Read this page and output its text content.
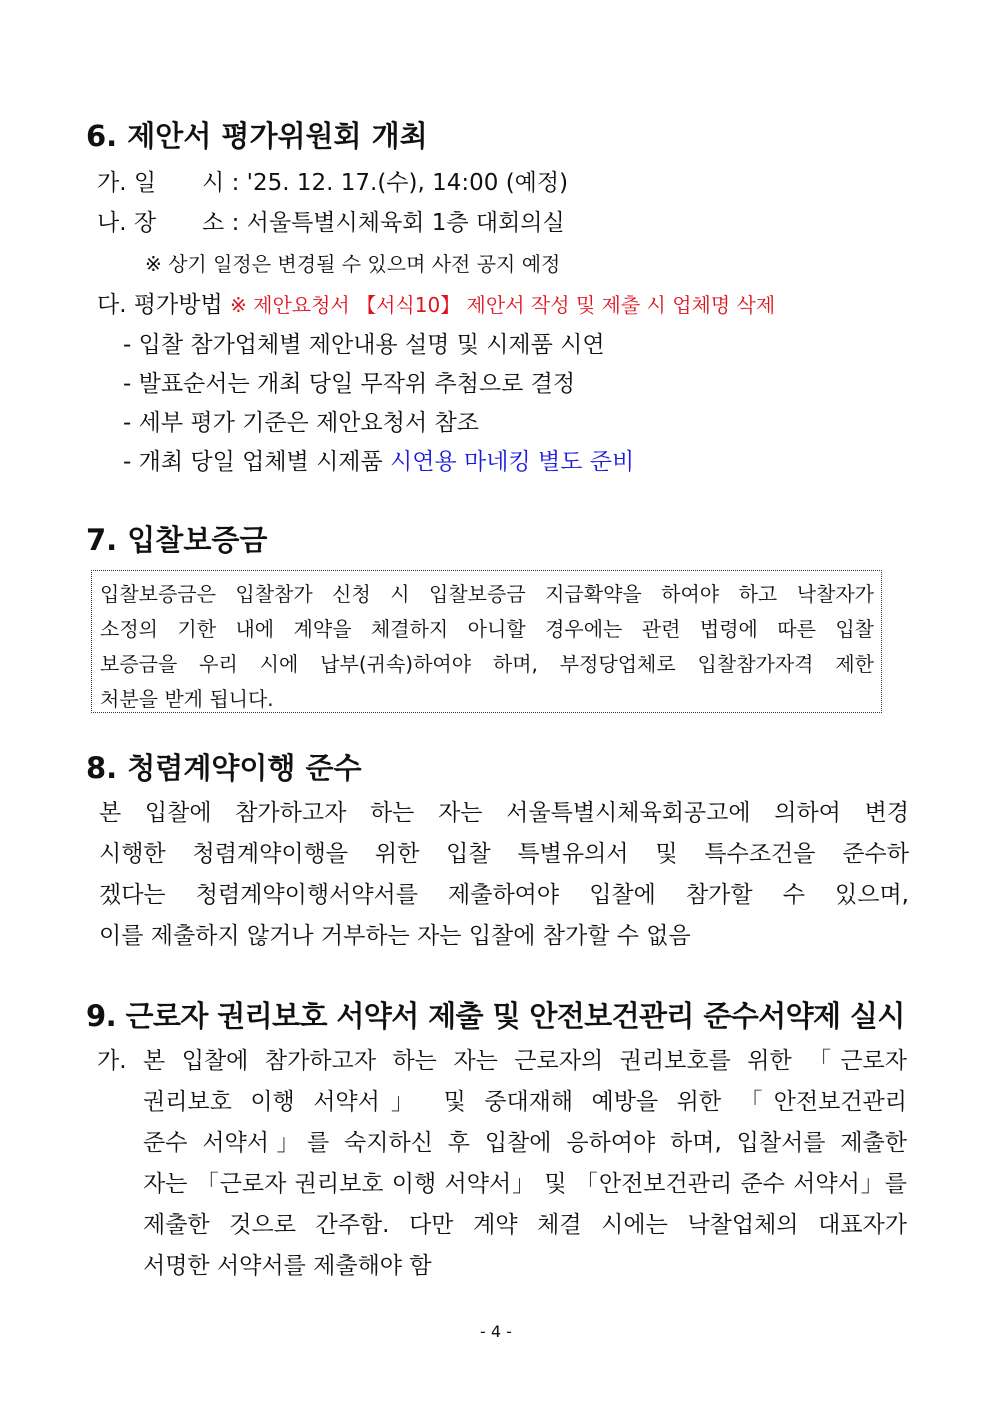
6. 제안서 평가위원회 개최
가. 일　　시 : '25. 12. 17.(수), 14:00 (예정)
나. 장　　소 : 서울특별시체육회 1층 대회의실
※ 상기 일정은 변경될 수 있으며 사전 공지 예정
다. 평가방법 ※ 제안요청서 【서식10】 제안서 작성 및 제출 시 업체명 삭제
- 입찰 참가업체별 제안내용 설명 및 시제품 시연
- 발표순서는 개최 당일 무작위 추첨으로 결정
- 세부 평가 기준은 제안요청서 참조
- 개최 당일 업체별 시제품 시연용 마네킹 별도 준비
7. 입찰보증금
입찰보증금은 입찰참가 신청 시 입찰보증금 지급확약을 하여야 하고 낙찰자가
소정의 기한 내에 계약을 체결하지 아니할 경우에는 관련 법령에 따른 입찰
보증금을 우리 시에 납부(귀속)하여야 하며, 부정당업체로 입찰참가자격 제한
처분을 받게 됩니다.
8. 청렴계약이행 준수
본 입찰에 참가하고자 하는 자는 서울특별시체육회공고에 의하여 변경
시행한 청렴계약이행을 위한 입찰 특별유의서 및 특수조건을 준수하
겠다는 청렴계약이행서약서를 제출하여야 입찰에 참가할 수 있으며,
이를 제출하지 않거나 거부하는 자는 입찰에 참가할 수 없음
9. 근로자 권리보호 서약서 제출 및 안전보건관리 준수서약제 실시
가. 본 입찰에 참가하고자 하는 자는 근로자의 권리보호를 위한 「근로자
권리보호 이행 서약서」 및 중대재해 예방을 위한 「안전보건관리
준수 서약서」를 숙지하신 후 입찰에 응하여야 하며, 입찰서를 제출한
자는 「근로자 권리보호 이행 서약서」 및 「안전보건관리 준수 서약서」를
제출한 것으로 간주함. 다만 계약 체결 시에는 낙찰업체의 대표자가
서명한 서약서를 제출해야 함
- 4 -
